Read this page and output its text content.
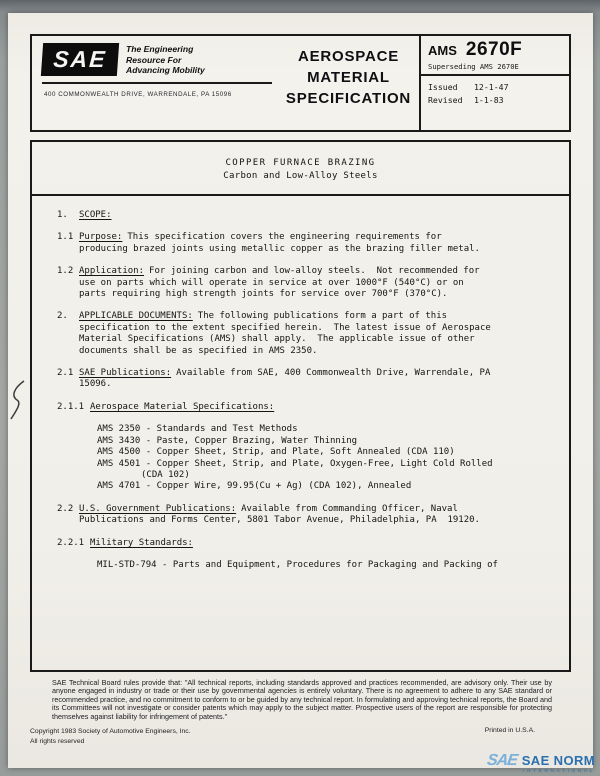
SAE The Engineering
Resource For
Advancing Mobility
400 COMMONWEALTH DRIVE, WARRENDALE, PA 15096
AEROSPACE
MATERIAL
SPECIFICATION
AMS 2670F
Superseding AMS 2670E
Issued	12-1-47
Revised	1-1-83
COPPER FURNACE BRAZING
Carbon and Low-Alloy Steels
1.	SCOPE:
1.1 Purpose: This specification covers the engineering requirements for producing brazed joints using metallic copper as the brazing filler metal.
1.2 Application: For joining carbon and low-alloy steels.  Not recommended for use on parts which will operate in service at over 1000°F (540°C) or on parts requiring high strength joints for service over 700°F (370°C).
2.	APPLICABLE DOCUMENTS: The following publications form a part of this specification to the extent specified herein.  The latest issue of Aerospace Material Specifications (AMS) shall apply.  The applicable issue of other documents shall be as specified in AMS 2350.
2.1 SAE Publications: Available from SAE, 400 Commonwealth Drive, Warrendale, PA  15096.
2.1.1 Aerospace Material Specifications:
AMS 2350 - Standards and Test Methods
AMS 3430 - Paste, Copper Brazing, Water Thinning
AMS 4500 - Copper Sheet, Strip, and Plate, Soft Annealed (CDA 110)
AMS 4501 - Copper Sheet, Strip, and Plate, Oxygen-Free, Light Cold Rolled (CDA 102)
AMS 4701 - Copper Wire, 99.95(Cu + Ag) (CDA 102), Annealed
2.2 U.S. Government Publications: Available from Commanding Officer, Naval Publications and Forms Center, 5801 Tabor Avenue, Philadelphia, PA  19120.
2.2.1 Military Standards:
MIL-STD-794 - Parts and Equipment, Procedures for Packaging and Packing of

SAE Technical Board rules provide that: "All technical reports, including standards approved and practices recommended, are advisory only. Their use by anyone engaged in industry or trade or their use by governmental agencies is entirely voluntary. There is no agreement to adhere to any SAE standard or recommended practice, and no commitment to conform to or be guided by any technical report. In formulating and approving technical reports, the Board and its Committees will not investigate or consider patents which may apply to the subject matter. Prospective users of the report are responsible for protecting themselves against liability for infringement of patents."

Copyright 1983 Society of Automotive Engineers, Inc.
All rights reserved
Printed in U.S.A.
SAE SAE NORM
INTERNATIONAL
